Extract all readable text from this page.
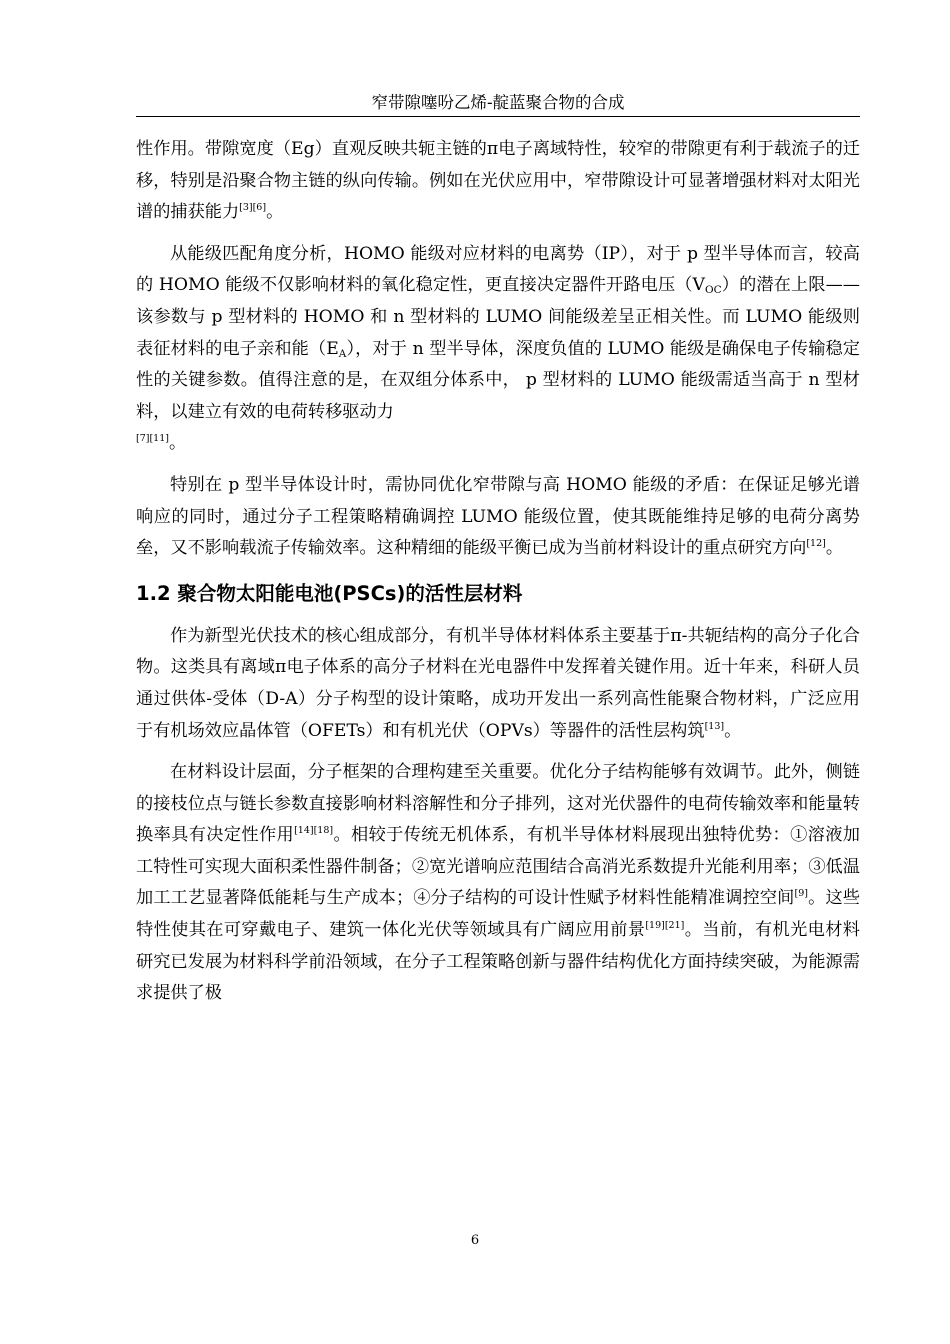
窄带隙噻吩乙烯-靛蓝聚合物的合成

性作用。带隙宽度（Eg）直观反映共轭主链的π电子离域特性，较窄的带隙更有利于载流子的迁移，特别是沿聚合物主链的纵向传输。例如在光伏应用中，窄带隙设计可显著增强材料对太阳光谱的捕获能力[3][6]。

从能级匹配角度分析，HOMO 能级对应材料的电离势（IP），对于 p 型半导体而言，较高的 HOMO 能级不仅影响材料的氧化稳定性，更直接决定器件开路电压$(V_{OC})$的潜在上限——该参数与 p 型材料的 HOMO 和 n 型材料的 LUMO 间能级差呈正相关性。而 LUMO 能级则表征材料的电子亲和能$(E_A)$，对于 n 型半导体，深度负值的 LUMO 能级是确保电子传输稳定性的关键参数。值得注意的是，在双组分体系中， p 型材料的 LUMO 能级需适当高于 n 型材料，以建立有效的电荷转移驱动力
[7][11]。

特别在 p 型半导体设计时，需协同优化窄带隙与高 HOMO 能级的矛盾：在保证足够光谱响应的同时，通过分子工程策略精确调控 LUMO 能级位置，使其既能维持足够的电荷分离势垒，又不影响载流子传输效率。这种精细的能级平衡已成为当前材料设计的重点研究方向[12]。

1.2 聚合物太阳能电池(PSCs)的活性层材料

作为新型光伏技术的核心组成部分，有机半导体材料体系主要基于π-共轭结构的高分子化合物。这类具有离域π电子体系的高分子材料在光电器件中发挥着关键作用。近十年来，科研人员通过供体-受体（D-A）分子构型的设计策略，成功开发出一系列高性能聚合物材料，广泛应用于有机场效应晶体管（OFETs）和有机光伏（OPVs）等器件的活性层构筑[13]。

在材料设计层面，分子框架的合理构建至关重要。优化分子结构能够有效调节。此外，侧链的接枝位点与链长参数直接影响材料溶解性和分子排列，这对光伏器件的电荷传输效率和能量转换率具有决定性作用[14][18]。相较于传统无机体系，有机半导体材料展现出独特优势：①溶液加工特性可实现大面积柔性器件制备；②宽光谱响应范围结合高消光系数提升光能利用率；③低温加工工艺显著降低能耗与生产成本；④分子结构的可设计性赋予材料性能精准调控空间[9]。这些特性使其在可穿戴电子、建筑一体化光伏等领域具有广阔应用前景[19][21]。当前，有机光电材料研究已发展为材料科学前沿领域，在分子工程策略创新与器件结构优化方面持续突破，为能源需求提供了极

6
